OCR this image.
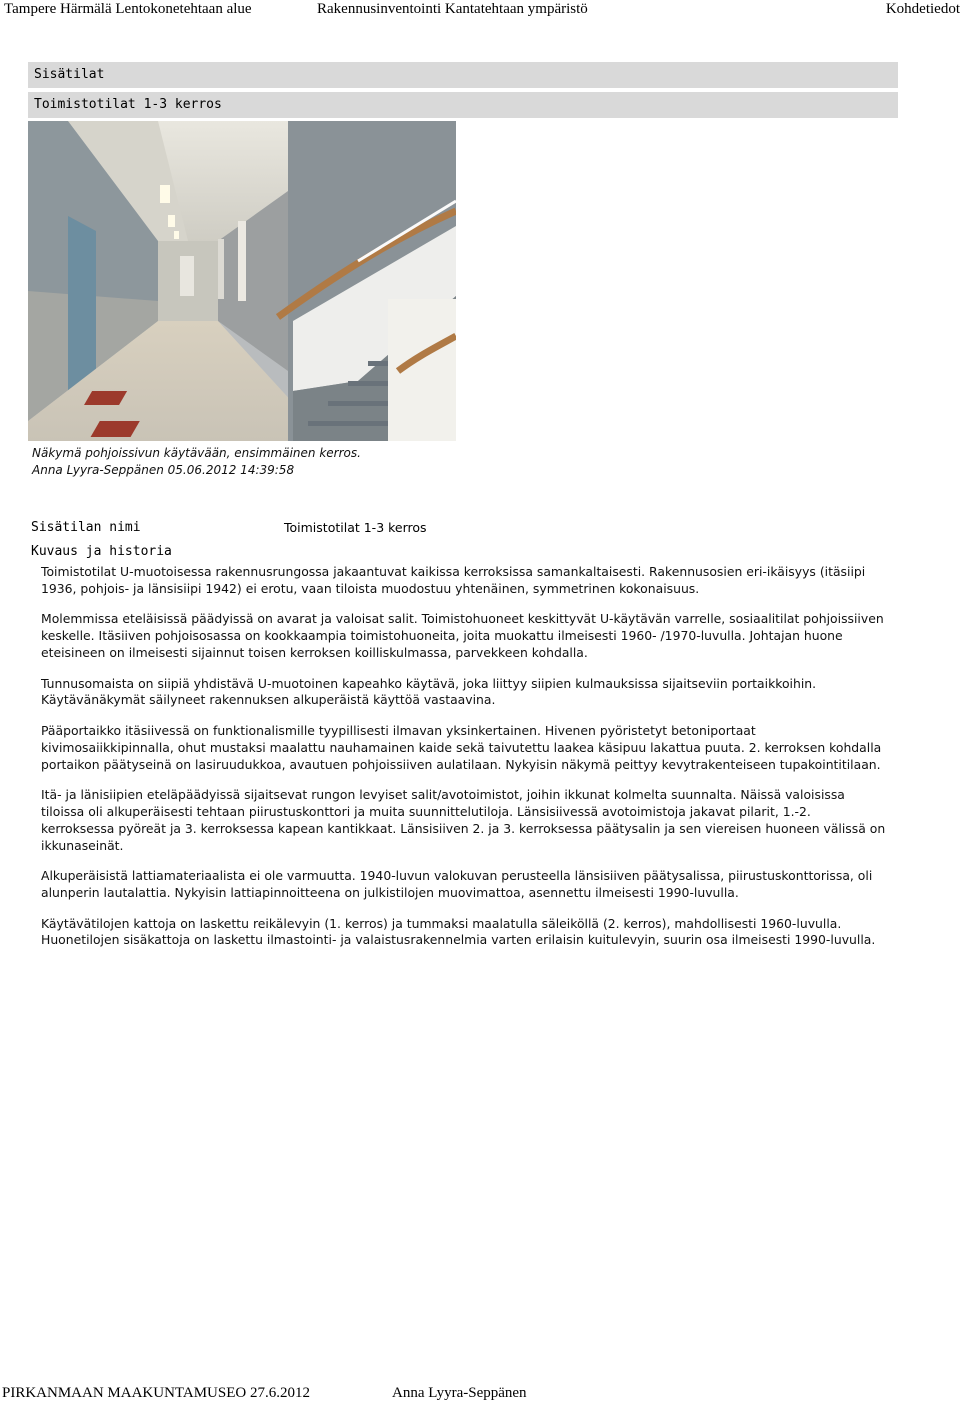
Tampere Härmälä Lentokonetehtaan alue	Rakennusinventointi Kantatehtaan ympäristö	Kohdetiedot
Sisätilat
Toimistotilat 1-3 kerros
Näkymä pohjoissivun käytävään, ensimmäinen kerros.
Anna Lyyra-Seppänen 05.06.2012 14:39:58
Sisätilan nimi	Toimistotilat 1-3 kerros
Kuvaus ja historia

Toimistotilat U-muotoisessa rakennusrungossa jakaantuvat kaikissa kerroksissa samankaltaisesti. Rakennusosien eri-ikäisyys (itäsiipi 1936, pohjois- ja länsisiipi 1942) ei erotu, vaan tiloista muodostuu yhtenäinen, symmetrinen kokonaisuus.

Molemmissa eteläisissä päädyissä on avarat ja valoisat salit. Toimistohuoneet keskittyvät U-käytävän varrelle, sosiaalitilat pohjoissiiven keskelle. Itäsiiven pohjoisosassa on kookkaampia toimistohuoneita, joita muokattu ilmeisesti 1960- /1970-luvulla. Johtajan huone eteisineen on ilmeisesti sijainnut toisen kerroksen koilliskulmassa, parvekkeen kohdalla.

Tunnusomaista on siipiä yhdistävä U-muotoinen kapeahko käytävä, joka liittyy siipien kulmauksissa sijaitseviin portaikkoihin. Käytävänäkymät säilyneet rakennuksen alkuperäistä käyttöä vastaavina.

Pääportaikko itäsiivessä on funktionalismille tyypillisesti ilmavan yksinkertainen. Hivenen pyöristetyt betoniportaat kivimosaiikkipinnalla, ohut mustaksi maalattu nauhamainen kaide sekä taivutettu laakea käsipuu lakattua puuta. 2. kerroksen kohdalla portaikon päätyseinä on lasiruudukkoa, avautuen pohjoissiiven aulatilaan. Nykyisin näkymä peittyy kevytrakenteiseen tupakointitilaan.

Itä- ja länisiipien eteläpäädyissä sijaitsevat rungon levyiset salit/avotoimistot, joihin ikkunat kolmelta suunnalta. Näissä valoisissa tiloissa oli alkuperäisesti tehtaan piirustuskonttori ja muita suunnittelutiloja. Länsisiivessä avotoimistoja jakavat pilarit, 1.-2. kerroksessa pyöreät ja 3. kerroksessa kapean kantikkaat. Länsisiiven 2. ja 3. kerroksessa päätysalin ja sen viereisen huoneen välissä on ikkunaseinät.

Alkuperäisistä lattiamateriaalista ei ole varmuutta. 1940-luvun valokuvan perusteella länsisiiven päätysalissa, piirustuskonttorissa, oli alunperin lautalattia. Nykyisin lattiapinnoitteena on julkistilojen muovimattoa, asennettu ilmeisesti 1990-luvulla.

Käytävätilojen kattoja on laskettu reikälevyin (1. kerros) ja tummaksi maalatulla säleiköllä (2. kerros), mahdollisesti 1960-luvulla. Huonetilojen sisäkattoja on laskettu ilmastointi- ja valaistusrakennelmia varten erilaisin kuitulevyin, suurin osa ilmeisesti 1990-luvulla.

PIRKANMAAN MAAKUNTAMUSEO 27.6.2012	Anna Lyyra-Seppänen
